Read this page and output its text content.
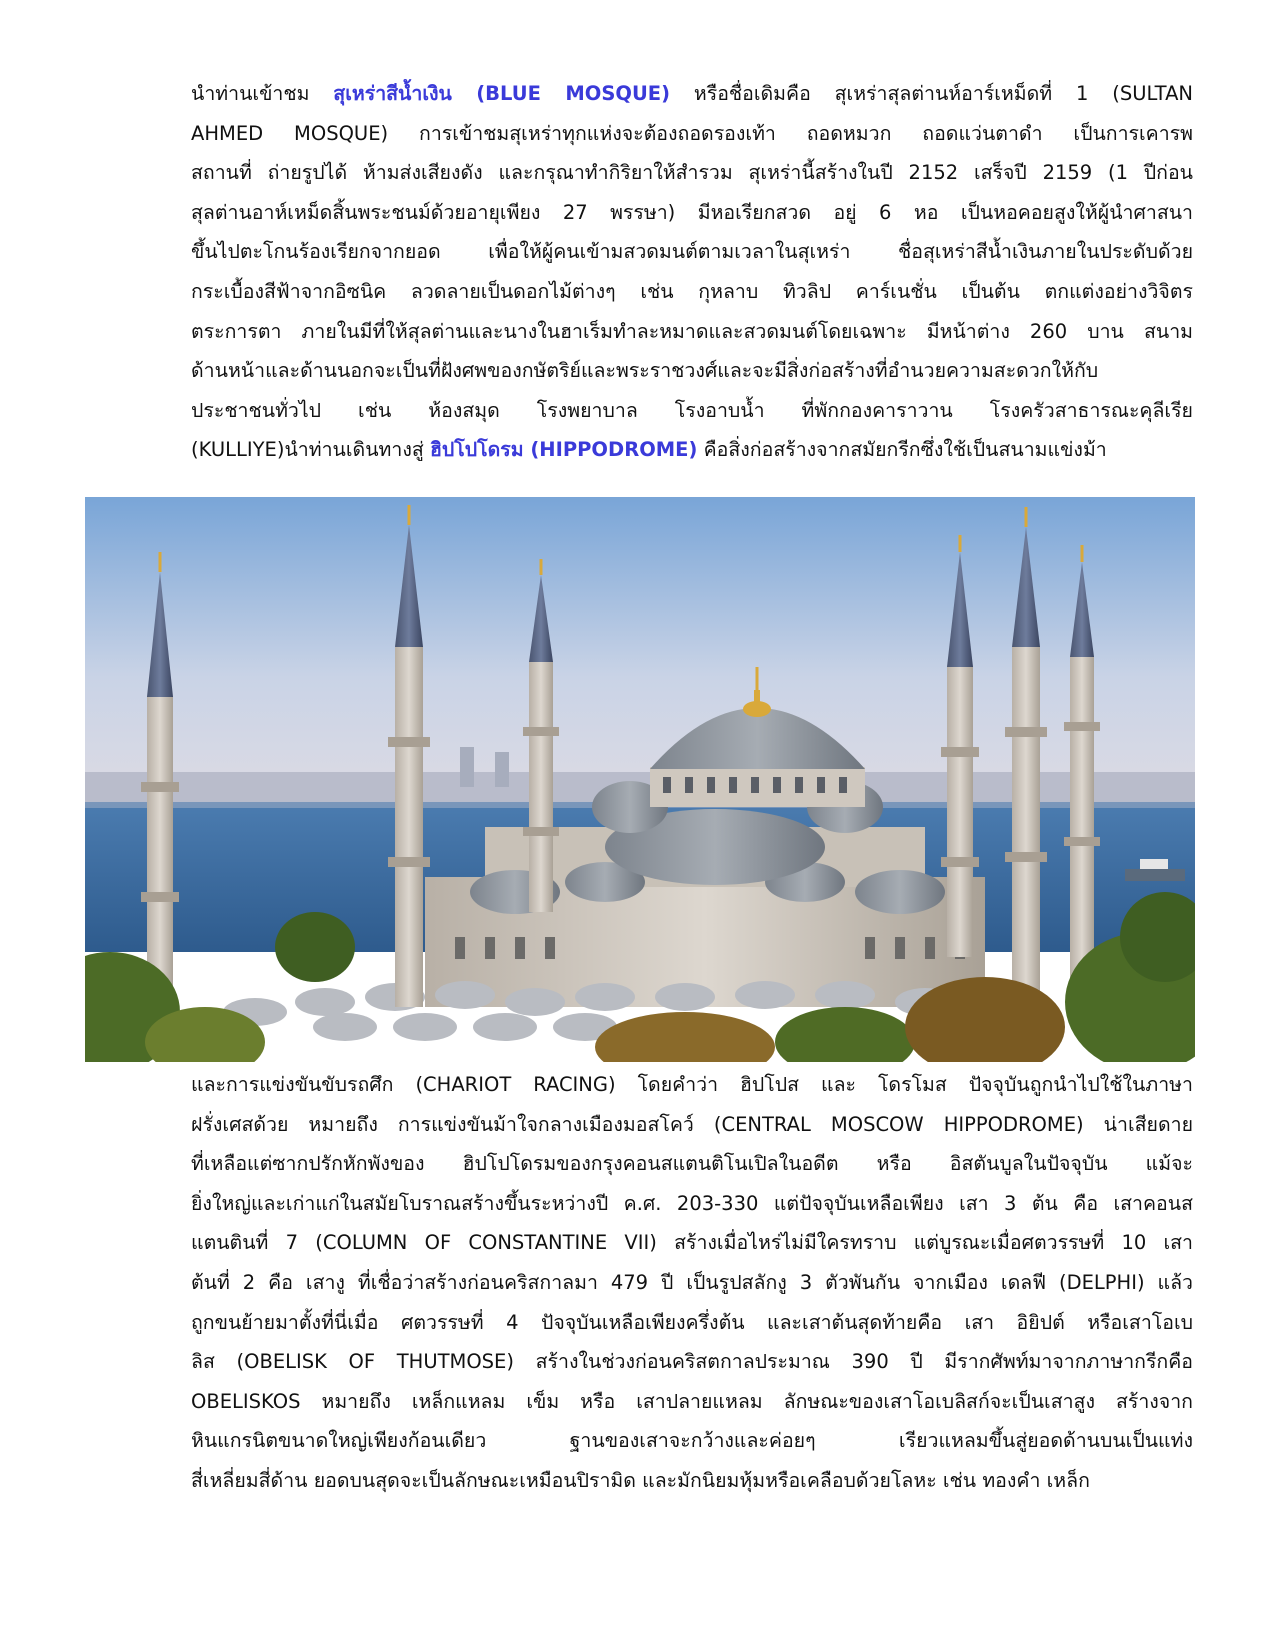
นำท่านเข้าชม สุเหร่าสีน้ำเงิน (BLUE MOSQUE) หรือชื่อเดิมคือ สุเหร่าสุลต่านห์อาร์เหม็ดที่ 1 (SULTAN
AHMED MOSQUE) การเข้าชมสุเหร่าทุกแห่งจะต้องถอดรองเท้า ถอดหมวก ถอดแว่นตาดำ เป็นการเคารพ
สถานที่ ถ่ายรูปได้ ห้ามส่งเสียงดัง และกรุณาทำกิริยาให้สำรวม สุเหร่านี้สร้างในปี 2152 เสร็จปี 2159 (1 ปีก่อน
สุลต่านอาห์เหม็ดสิ้นพระชนม์ด้วยอายุเพียง 27 พรรษา) มีหอเรียกสวด อยู่ 6 หอ เป็นหอคอยสูงให้ผู้นำศาสนา
ขึ้นไปตะโกนร้องเรียกจากยอด เพื่อให้ผู้คนเข้ามสวดมนต์ตามเวลาในสุเหร่า ชื่อสุเหร่าสีน้ำเงินภายในประดับด้วย
กระเบื้องสีฟ้าจากอิซนิค ลวดลายเป็นดอกไม้ต่างๆ เช่น กุหลาบ ทิวลิป คาร์เนชั่น เป็นต้น ตกแต่งอย่างวิจิตร
ตระการตา ภายในมีที่ให้สุลต่านและนางในฮาเร็มทำละหมาดและสวดมนต์โดยเฉพาะ มีหน้าต่าง 260 บาน สนาม
ด้านหน้าและด้านนอกจะเป็นที่ฝังศพของกษัตริย์และพระราชวงศ์และจะมีสิ่งก่อสร้างที่อำนวยความสะดวกให้กับ
ประชาชนทั่วไป เช่น ห้องสมุด โรงพยาบาล โรงอาบน้ำ ที่พักกองคาราวาน โรงครัวสาธารณะคุลีเรีย
(KULLIYE)นำท่านเดินทางสู่ ฮิปโปโดรม (HIPPODROME) คือสิ่งก่อสร้างจากสมัยกรีกซึ่งใช้เป็นสนามแข่งม้า
และการแข่งขันขับรถศึก (CHARIOT RACING) โดยคำว่า ฮิปโปส และ โดรโมส ปัจจุบันถูกนำไปใช้ในภาษา
ฝรั่งเศสด้วย หมายถึง การแข่งขันม้าใจกลางเมืองมอสโคว์ (CENTRAL MOSCOW HIPPODROME) น่าเสียดาย
ที่เหลือแต่ซากปรักหักพังของ ฮิปโปโดรมของกรุงคอนสแตนติโนเปิลในอดีต หรือ อิสตันบูลในปัจจุบัน แม้จะ
ยิ่งใหญ่และเก่าแก่ในสมัยโบราณสร้างขึ้นระหว่างปี ค.ศ. 203-330 แต่ปัจจุบันเหลือเพียง เสา 3 ต้น คือ เสาคอนส
แตนตินที่ 7 (COLUMN OF CONSTANTINE VII) สร้างเมื่อไหร่ไม่มีใครทราบ แต่บูรณะเมื่อศตวรรษที่ 10 เสา
ต้นที่ 2 คือ เสางู ที่เชื่อว่าสร้างก่อนคริสกาลมา 479 ปี เป็นรูปสลักงู 3 ตัวพันกัน จากเมือง เดลฟี (DELPHI) แล้ว
ถูกขนย้ายมาตั้งที่นี่เมื่อ ศตวรรษที่ 4 ปัจจุบันเหลือเพียงครึ่งต้น และเสาต้นสุดท้ายคือ เสา อิยิปต์ หรือเสาโอเบ
ลิส (OBELISK OF THUTMOSE) สร้างในช่วงก่อนคริสตกาลประมาณ 390 ปี มีรากศัพท์มาจากภาษากรีกคือ
OBELISKOS หมายถึง เหล็กแหลม เข็ม หรือ เสาปลายแหลม ลักษณะของเสาโอเบลิสก์จะเป็นเสาสูง สร้างจาก
หินแกรนิตขนาดใหญ่เพียงก้อนเดียว ฐานของเสาจะกว้างและค่อยๆ เรียวแหลมขึ้นสู่ยอดด้านบนเป็นแท่ง
สี่เหลี่ยมสี่ด้าน ยอดบนสุดจะเป็นลักษณะเหมือนปิรามิด และมักนิยมหุ้มหรือเคลือบด้วยโลหะ เช่น ทองคำ เหล็ก
